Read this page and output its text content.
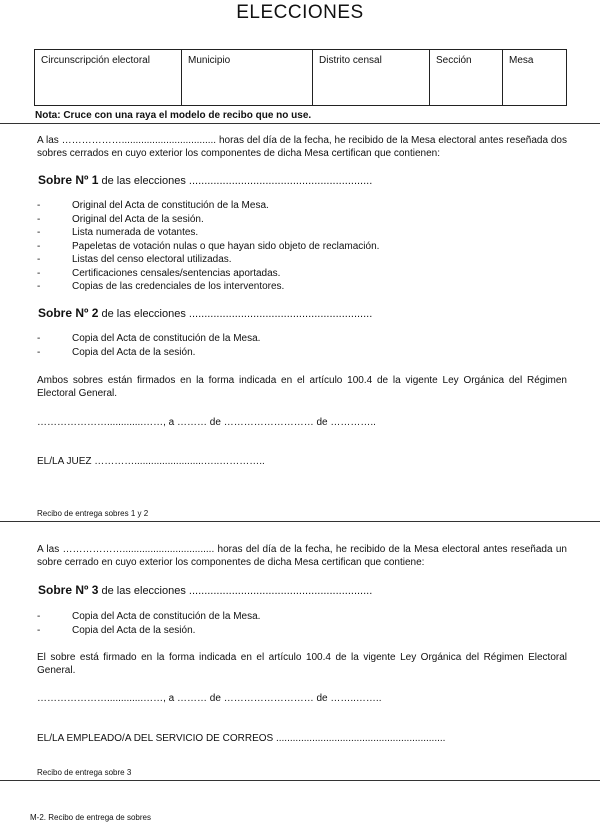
ELECCIONES
Circunscripción electoral	Municipio	Distrito censal	Sección	Mesa
Nota: Cruce con una raya el modelo de recibo que no use.
A las ……………….................................. horas del día de la fecha, he recibido de la Mesa electoral antes reseñada dos sobres cerrados en cuyo exterior los componentes de dicha Mesa certifican que contienen:
Sobre Nº 1 de las elecciones ............................................................
-	Original del Acta de constitución de la Mesa.
-	Original del Acta de la sesión.
-	Lista numerada de votantes.
-	Papeletas de votación nulas o que hayan sido objeto de reclamación.
-	Listas del censo electoral utilizadas.
-	Certificaciones censales/sentencias aportadas.
-	Copias de las credenciales de los interventores.
Sobre Nº 2 de las elecciones ............................................................
-	Copia del Acta de constitución de la Mesa.
-	Copia del Acta de la sesión.
Ambos sobres están firmados en la forma indicada en el artículo 100.4 de la vigente Ley Orgánica del Régimen Electoral General.
………………….............……, a ……… de ……………………… de …………..
EL/LA JUEZ ………….........................…..…………..
Recibo de entrega sobres 1 y 2
A las ………………................................. horas del día de la fecha, he recibido de la Mesa electoral antes reseñada un sobre cerrado en cuyo exterior los componentes de dicha Mesa certifican que contiene:
Sobre Nº 3 de las elecciones ............................................................
-	Copia del Acta de constitución de la Mesa.
-	Copia del Acta de la sesión.
El sobre está firmado en la forma indicada en el artículo 100.4 de la vigente Ley Orgánica del Régimen Electoral General.
………………….............……, a ……… de ……………………… de ……..……..
EL/LA EMPLEADO/A DEL SERVICIO DE CORREOS .............................................................
Recibo de entrega sobre 3
M-2. Recibo de entrega de sobres
